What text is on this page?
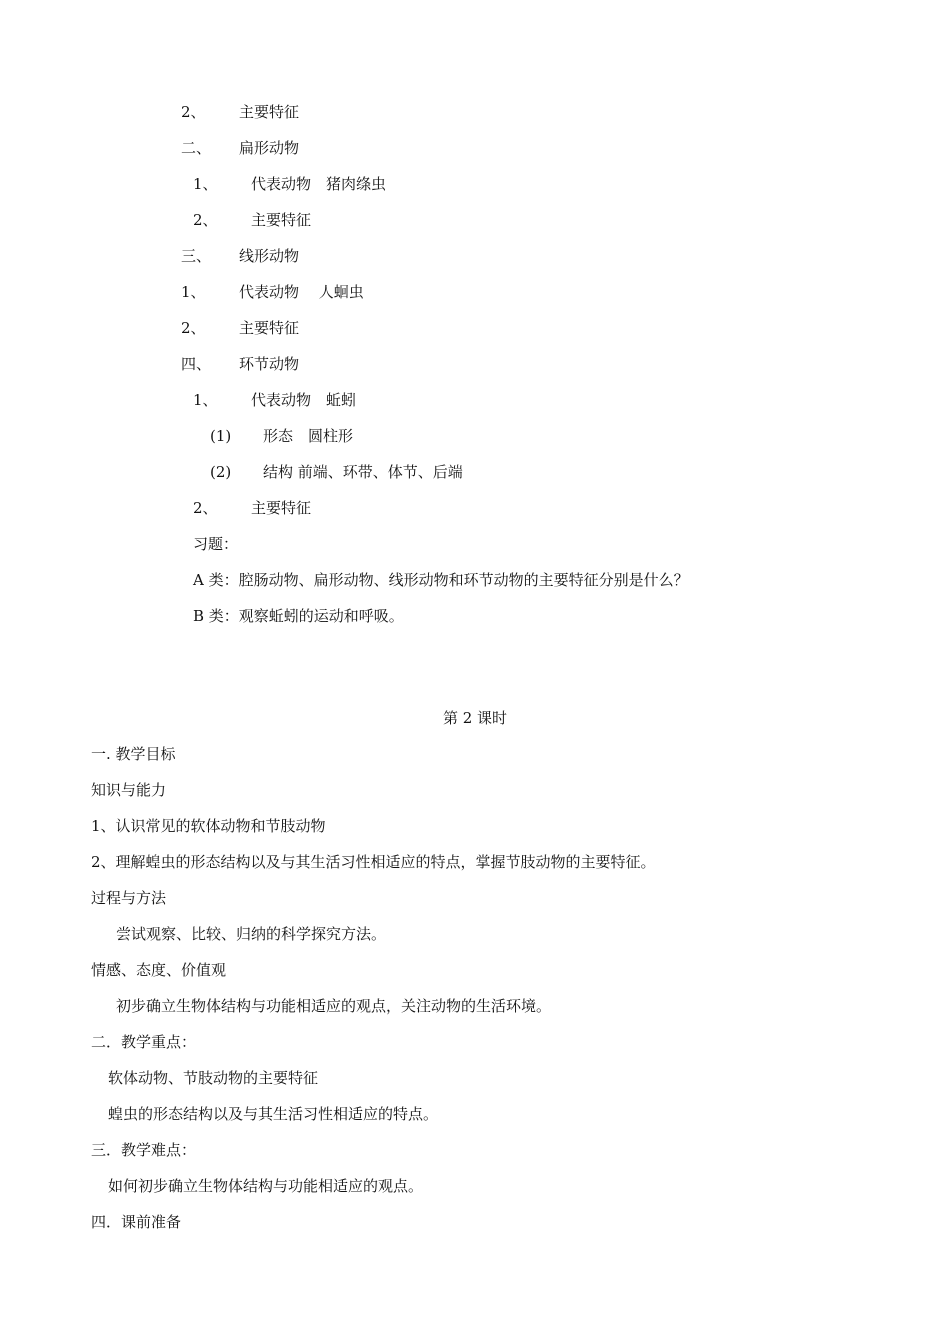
2、 主要特征
二、 扁形动物
1、 代表动物　猪肉绦虫
2、 主要特征
三、 线形动物
1、 代表动物　 人蛔虫
2、 主要特征
四、 环节动物
1、 代表动物　蚯蚓
(1) 形态　圆柱形
(2) 结构 前端、环带、体节、后端
2、 主要特征
习题：
A 类：腔肠动物、扁形动物、线形动物和环节动物的主要特征分别是什么？
B 类：观察蚯蚓的运动和呼吸。
第 2 课时
一. 教学目标
知识与能力
1、认识常见的软体动物和节肢动物
2、理解蝗虫的形态结构以及与其生活习性相适应的特点，掌握节肢动物的主要特征。
过程与方法
尝试观察、比较、归纳的科学探究方法。
情感、态度、价值观
初步确立生物体结构与功能相适应的观点，关注动物的生活环境。
二．教学重点：
软体动物、节肢动物的主要特征
蝗虫的形态结构以及与其生活习性相适应的特点。
三．教学难点：
如何初步确立生物体结构与功能相适应的观点。
四．课前准备
